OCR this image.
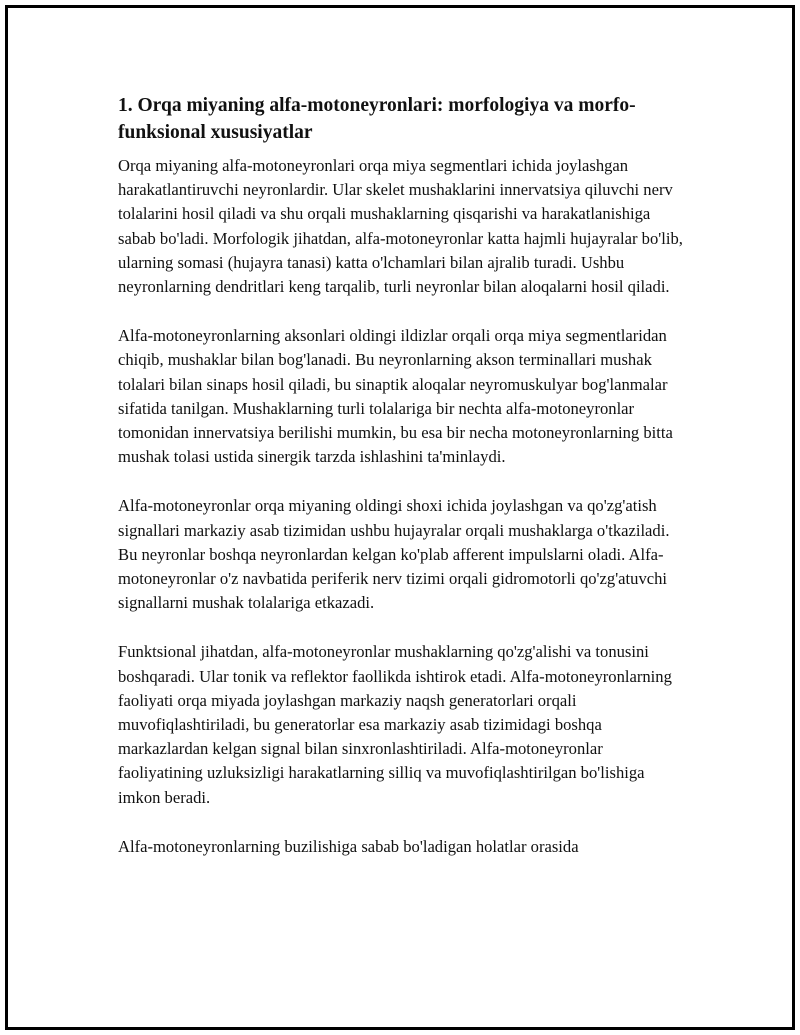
1. Orqa miyaning alfa-motoneyronlari: morfologiya va morfo-funksional xususiyatlar

Orqa miyaning alfa-motoneyronlari orqa miya segmentlari ichida joylashgan harakatlantiruvchi neyronlardir. Ular skelet mushaklarini innervatsiya qiluvchi nerv tolalarini hosil qiladi va shu orqali mushaklarning qisqarishi va harakatlanishiga sabab bo'ladi. Morfologik jihatdan, alfa-motoneyronlar katta hajmli hujayralar bo'lib, ularning somasi (hujayra tanasi) katta o'lchamlari bilan ajralib turadi. Ushbu neyronlarning dendritlari keng tarqalib, turli neyronlar bilan aloqalarni hosil qiladi.

Alfa-motoneyronlarning aksonlari oldingi ildizlar orqali orqa miya segmentlaridan chiqib, mushaklar bilan bog'lanadi. Bu neyronlarning akson terminallari mushak tolalari bilan sinaps hosil qiladi, bu sinaptik aloqalar neyromuskulyar bog'lanmalar sifatida tanilgan. Mushaklarning turli tolalariga bir nechta alfa-motoneyronlar tomonidan innervatsiya berilishi mumkin, bu esa bir necha motoneyronlarning bitta mushak tolasi ustida sinergik tarzda ishlashini ta'minlaydi.

Alfa-motoneyronlar orqa miyaning oldingi shoxi ichida joylashgan va qo'zg'atish signallari markaziy asab tizimidan ushbu hujayralar orqali mushaklarga o'tkaziladi. Bu neyronlar boshqa neyronlardan kelgan ko'plab afferent impulslarni oladi. Alfa-motoneyronlar o'z navbatida periferik nerv tizimi orqali gidromotorli qo'zg'atuvchi signallarni mushak tolalariga etkazadi.

Funktsional jihatdan, alfa-motoneyronlar mushaklarning qo'zg'alishi va tonusini boshqaradi. Ular tonik va reflektor faollikda ishtirok etadi. Alfa-motoneyronlarning faoliyati orqa miyada joylashgan markaziy naqsh generatorlari orqali muvofiqlashtiriladi, bu generatorlar esa markaziy asab tizimidagi boshqa markazlardan kelgan signal bilan sinxronlashtiriladi. Alfa-motoneyronlar faoliyatining uzluksizligi harakatlarning silliq va muvofiqlashtirilgan bo'lishiga imkon beradi.

Alfa-motoneyronlarning buzilishiga sabab bo'ladigan holatlar orasida
